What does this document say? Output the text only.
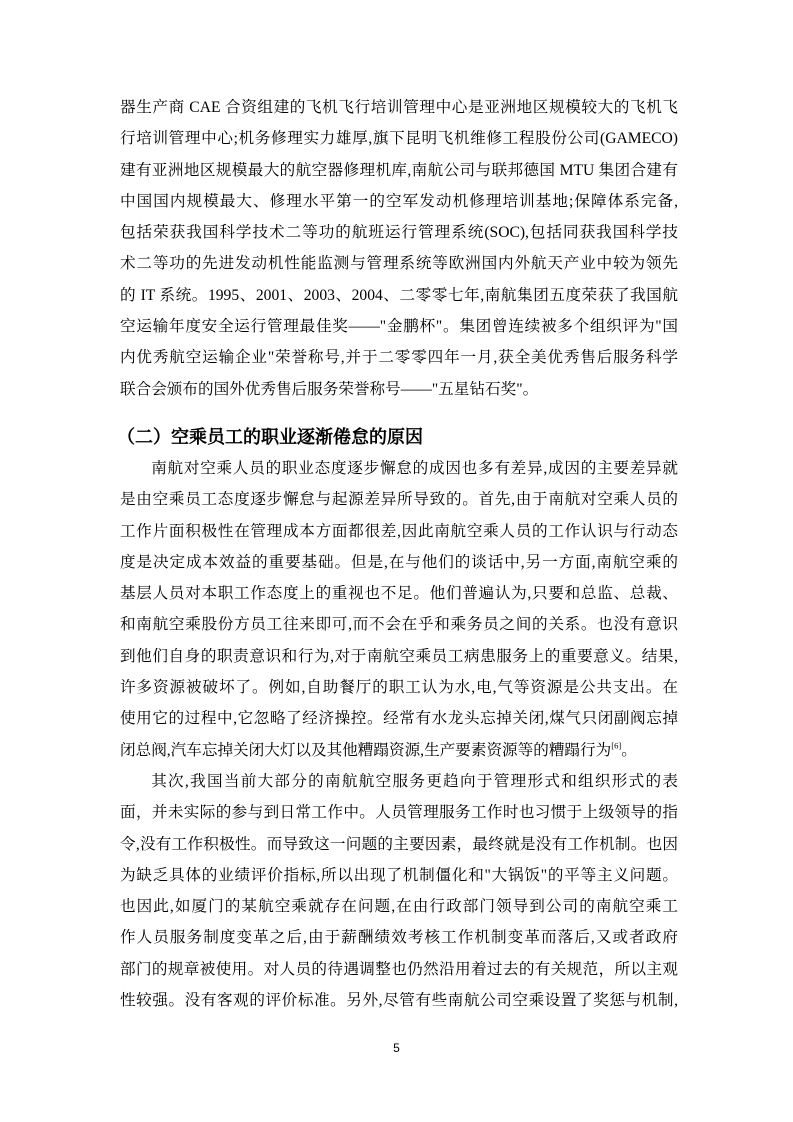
器生产商 CAE 合资组建的飞机飞行培训管理中心是亚洲地区规模较大的飞机飞
行培训管理中心;机务修理实力雄厚,旗下昆明飞机维修工程股份公司(GAMECO)
建有亚洲地区规模最大的航空器修理机库,南航公司与联邦德国 MTU 集团合建有
中国国内规模最大、修理水平第一的空军发动机修理培训基地;保障体系完备,
包括荣获我国科学技术二等功的航班运行管理系统(SOC),包括同获我国科学技
术二等功的先进发动机性能监测与管理系统等欧洲国内外航天产业中较为领先
的 IT 系统。1995、2001、2003、2004、二零零七年,南航集团五度荣获了我国航
空运输年度安全运行管理最佳奖——"金鹏杯"。集团曾连续被多个组织评为"国
内优秀航空运输企业"荣誉称号,并于二零零四年一月,获全美优秀售后服务科学
联合会颁布的国外优秀售后服务荣誉称号——"五星钻石奖"。
（二）空乘员工的职业逐渐倦怠的原因
南航对空乘人员的职业态度逐步懈怠的成因也多有差异,成因的主要差异就
是由空乘员工态度逐步懈怠与起源差异所导致的。首先,由于南航对空乘人员的
工作片面积极性在管理成本方面都很差,因此南航空乘人员的工作认识与行动态
度是决定成本效益的重要基础。但是,在与他们的谈话中,另一方面,南航空乘的
基层人员对本职工作态度上的重视也不足。他们普遍认为,只要和总监、总裁、
和南航空乘股份方员工往来即可,而不会在乎和乘务员之间的关系。也没有意识
到他们自身的职责意识和行为,对于南航空乘员工病患服务上的重要意义。结果,
许多资源被破坏了。例如,自助餐厅的职工认为水,电,气等资源是公共支出。在
使用它的过程中,它忽略了经济操控。经常有水龙头忘掉关闭,煤气只闭副阀忘掉
闭总阀,汽车忘掉关闭大灯以及其他糟蹋资源,生产要素资源等的糟蹋行为[6]。
其次,我国当前大部分的南航航空服务更趋向于管理形式和组织形式的表
面，并未实际的参与到日常工作中。人员管理服务工作时也习惯于上级领导的指
令,没有工作积极性。而导致这一问题的主要因素，最终就是没有工作机制。也因
为缺乏具体的业绩评价指标,所以出现了机制僵化和"大锅饭"的平等主义问题。
也因此,如厦门的某航空乘就存在问题,在由行政部门领导到公司的南航空乘工
作人员服务制度变革之后,由于薪酬绩效考核工作机制变革而落后,又或者政府
部门的规章被使用。对人员的待遇调整也仍然沿用着过去的有关规范，所以主观
性较强。没有客观的评价标准。另外,尽管有些南航公司空乘设置了奖惩与机制,
5
